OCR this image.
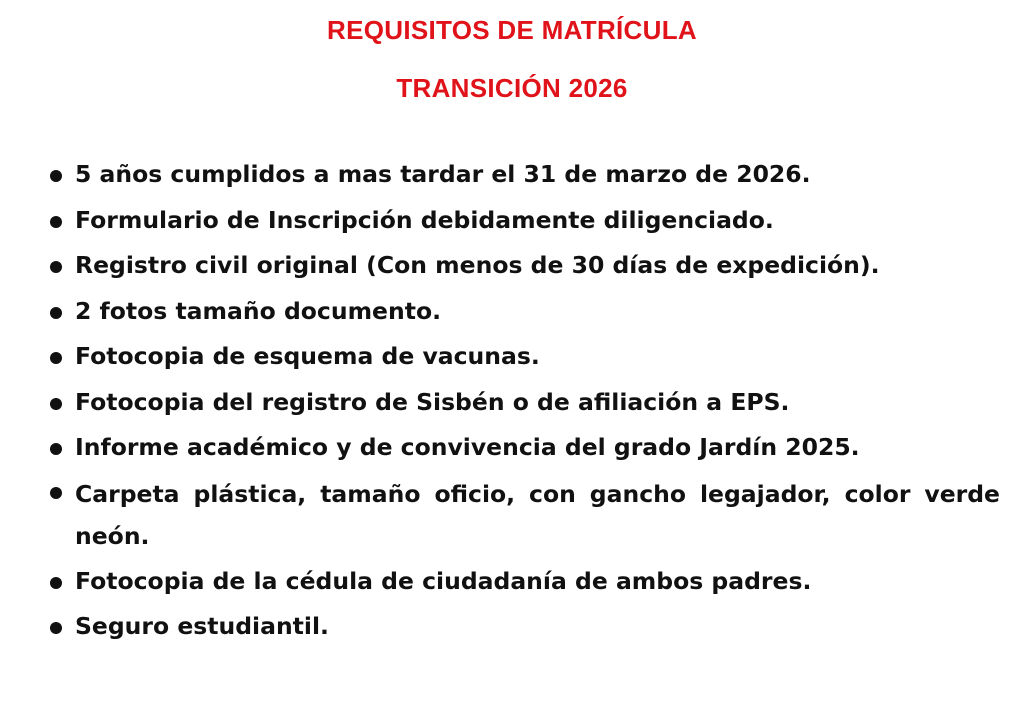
REQUISITOS DE MATRÍCULA
TRANSICIÓN 2026
5 años cumplidos a mas tardar el 31 de marzo de 2026.
Formulario de Inscripción debidamente diligenciado.
Registro civil original (Con menos de 30 días de expedición).
2 fotos tamaño documento.
Fotocopia de esquema de vacunas.
Fotocopia del registro de Sisbén o de afiliación a EPS.
Informe académico y de convivencia del grado Jardín 2025.
Carpeta plástica, tamaño oficio, con gancho legajador, color verde neón.
Fotocopia de la cédula de ciudadanía de ambos padres.
Seguro estudiantil.
